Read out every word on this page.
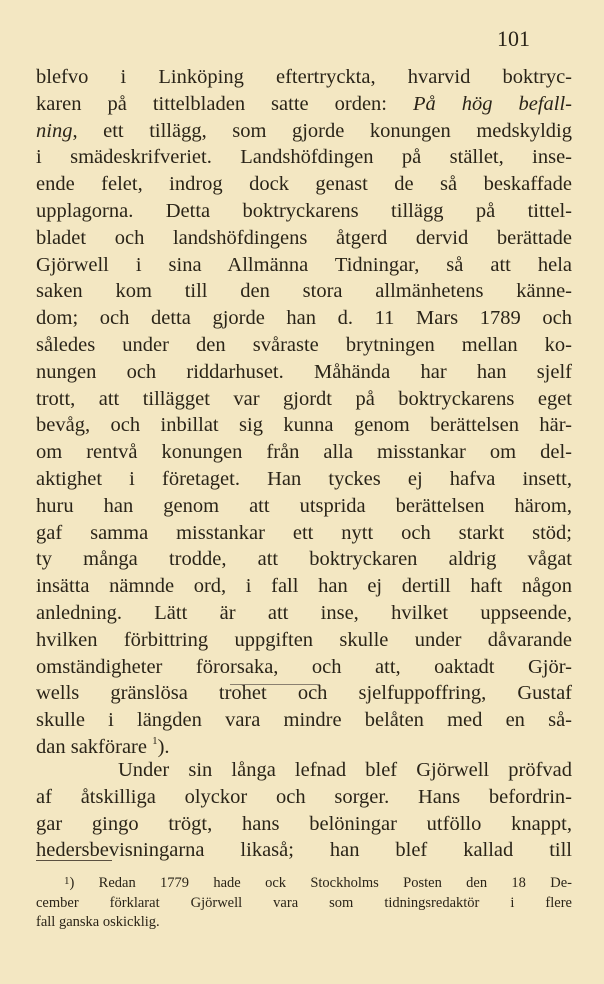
101
blefvo i Linköping eftertryckta, hvarvid boktryc-
karen på tittelbladen satte orden: På hög befall-
ning, ett tillägg, som gjorde konungen medskyldig
i smädeskrifveriet. Landshöfdingen på stället, inse-
ende felet, indrog dock genast de så beskaffade
upplagorna. Detta boktryckarens tillägg på tittel-
bladet och landshöfdingens åtgerd dervid berättade
Gjörwell i sina Allmänna Tidningar, så att hela
saken kom till den stora allmänhetens känne-
dom; och detta gjorde han d. 11 Mars 1789 och
således under den svåraste brytningen mellan ko-
nungen och riddarhuset. Måhända har han sjelf
trott, att tillägget var gjordt på boktryckarens eget
bevåg, och inbillat sig kunna genom berättelsen här-
om rentvå konungen från alla misstankar om del-
aktighet i företaget. Han tyckes ej hafva insett,
huru han genom att utsprida berättelsen härom,
gaf samma misstankar ett nytt och starkt stöd;
ty många trodde, att boktryckaren aldrig vågat
insätta nämnde ord, i fall han ej dertill haft någon
anledning. Lätt är att inse, hvilket uppseende,
hvilken förbittring uppgiften skulle under dåvarande
omständigheter förorsaka, och att, oaktadt Gjör-
wells gränslösa trohet och sjelfuppoffring, Gustaf
skulle i längden vara mindre belåten med en så-
dan sakförare $^1$).
Under sin långa lefnad blef Gjörwell pröfvad
af åtskilliga olyckor och sorger. Hans befordrin-
gar gingo trögt, hans belöningar utföllo knappt,
hedersbevisningarna likaså; han blef kallad till
$^1$) Redan 1779 hade ock Stockholms Posten den 18 De-
cember förklarat Gjörwell vara som tidningsredaktör i flere
fall ganska oskicklig.
